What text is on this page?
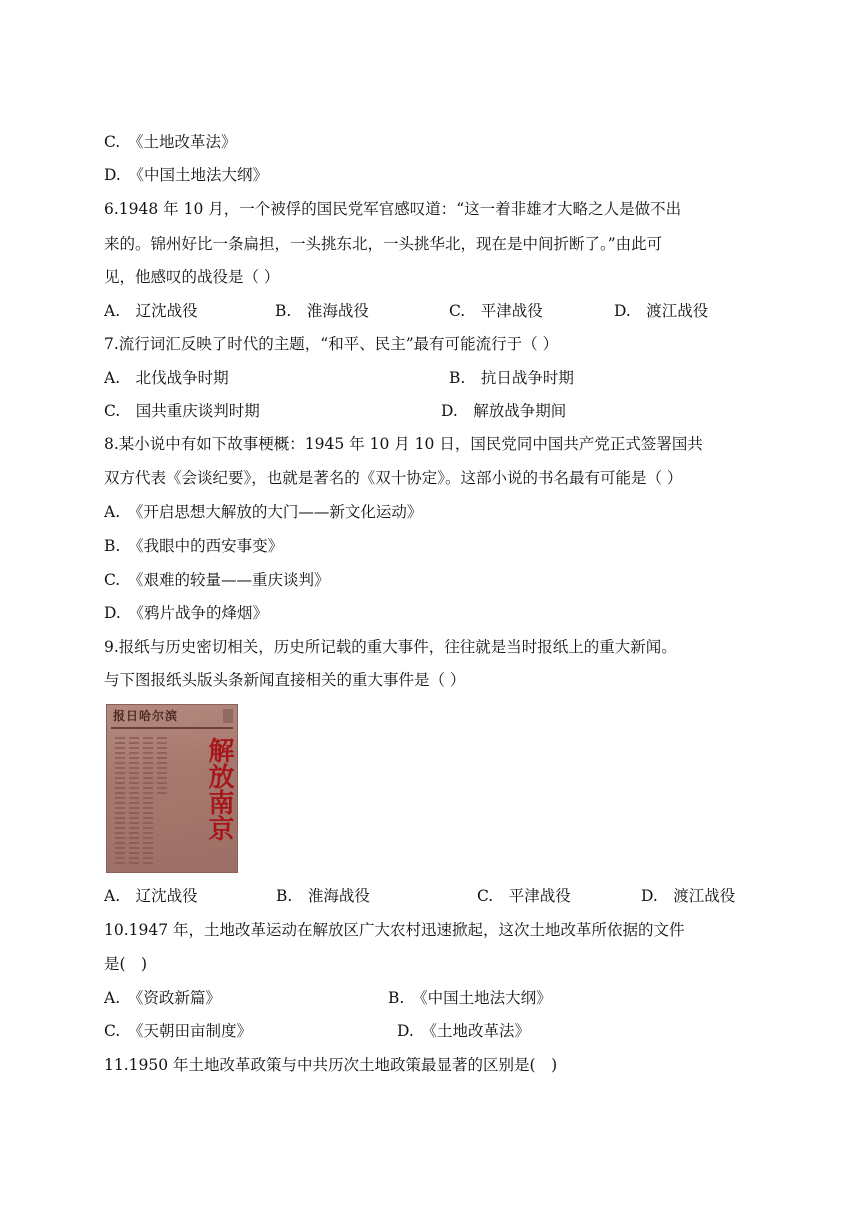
C.　《土地改革法》
D.　《中国土地法大纲》
6.1948 年 10 月，一个被俘的国民党军官感叹道：“这一着非雄才大略之人是做不出
来的。锦州好比一条扁担，一头挑东北，一头挑华北，现在是中间折断了。”由此可
见，他感叹的战役是（ ）
A.　辽沈战役	B.　淮海战役	C.　平津战役	D.　渡江战役
7.流行词汇反映了时代的主题，“和平、民主”最有可能流行于（ ）
A.　北伐战争时期	B.　抗日战争时期
C.　国共重庆谈判时期	D.　解放战争期间
8.某小说中有如下故事梗概：1945 年 10 月 10 日，国民党同中国共产党正式签署国共
双方代表《会谈纪要》，也就是著名的《双十协定》。这部小说的书名最有可能是（ ）
A.　《开启思想大解放的大门——新文化运动》
B.　《我眼中的西安事变》
C.　《艰难的较量——重庆谈判》
D.　《鸦片战争的烽烟》
9.报纸与历史密切相关，历史所记载的重大事件，往往就是当时报纸上的重大新闻。
与下图报纸头版头条新闻直接相关的重大事件是（ ）
报日哈尔滨
解放南京
A.　辽沈战役	B.　淮海战役	C.　平津战役	D.　渡江战役
10.1947 年，土地改革运动在解放区广大农村迅速掀起，这次土地改革所依据的文件
是(　)
A.　《资政新篇》	B.　《中国土地法大纲》
C.　《天朝田亩制度》	D.　《土地改革法》
11.1950 年土地改革政策与中共历次土地政策最显著的区别是(　)
